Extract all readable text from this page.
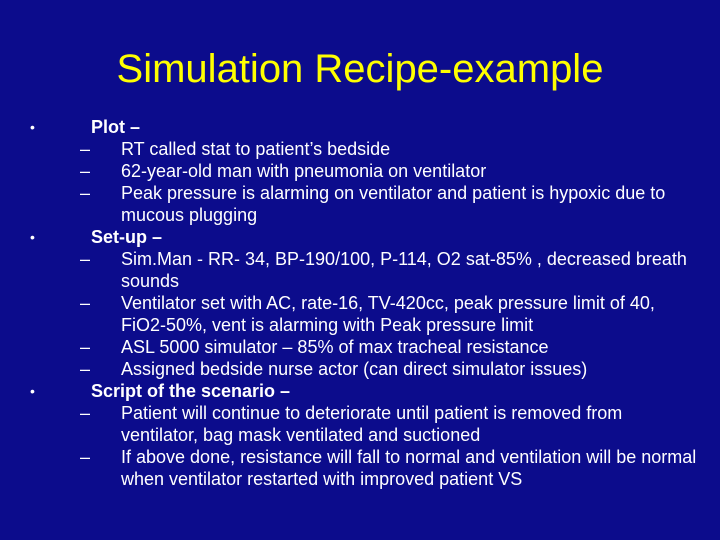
Simulation Recipe-example
•	Plot –
– RT called stat to patient’s bedside
– 62-year-old man with pneumonia on ventilator
– Peak pressure is alarming on ventilator and patient is hypoxic due to mucous plugging
•	Set-up –
– Sim.Man - RR- 34, BP-190/100, P-114, O2 sat-85% , decreased breath sounds
– Ventilator set with AC, rate-16, TV-420cc, peak pressure limit of 40, FiO2-50%, vent is alarming with Peak pressure limit
– ASL 5000 simulator – 85% of max tracheal resistance
– Assigned bedside nurse actor (can direct simulator issues)
•	Script of the scenario –
– Patient will continue to deteriorate until patient is removed from ventilator, bag mask ventilated and suctioned
– If above done, resistance will fall to normal and ventilation will be normal when ventilator restarted with improved patient VS
